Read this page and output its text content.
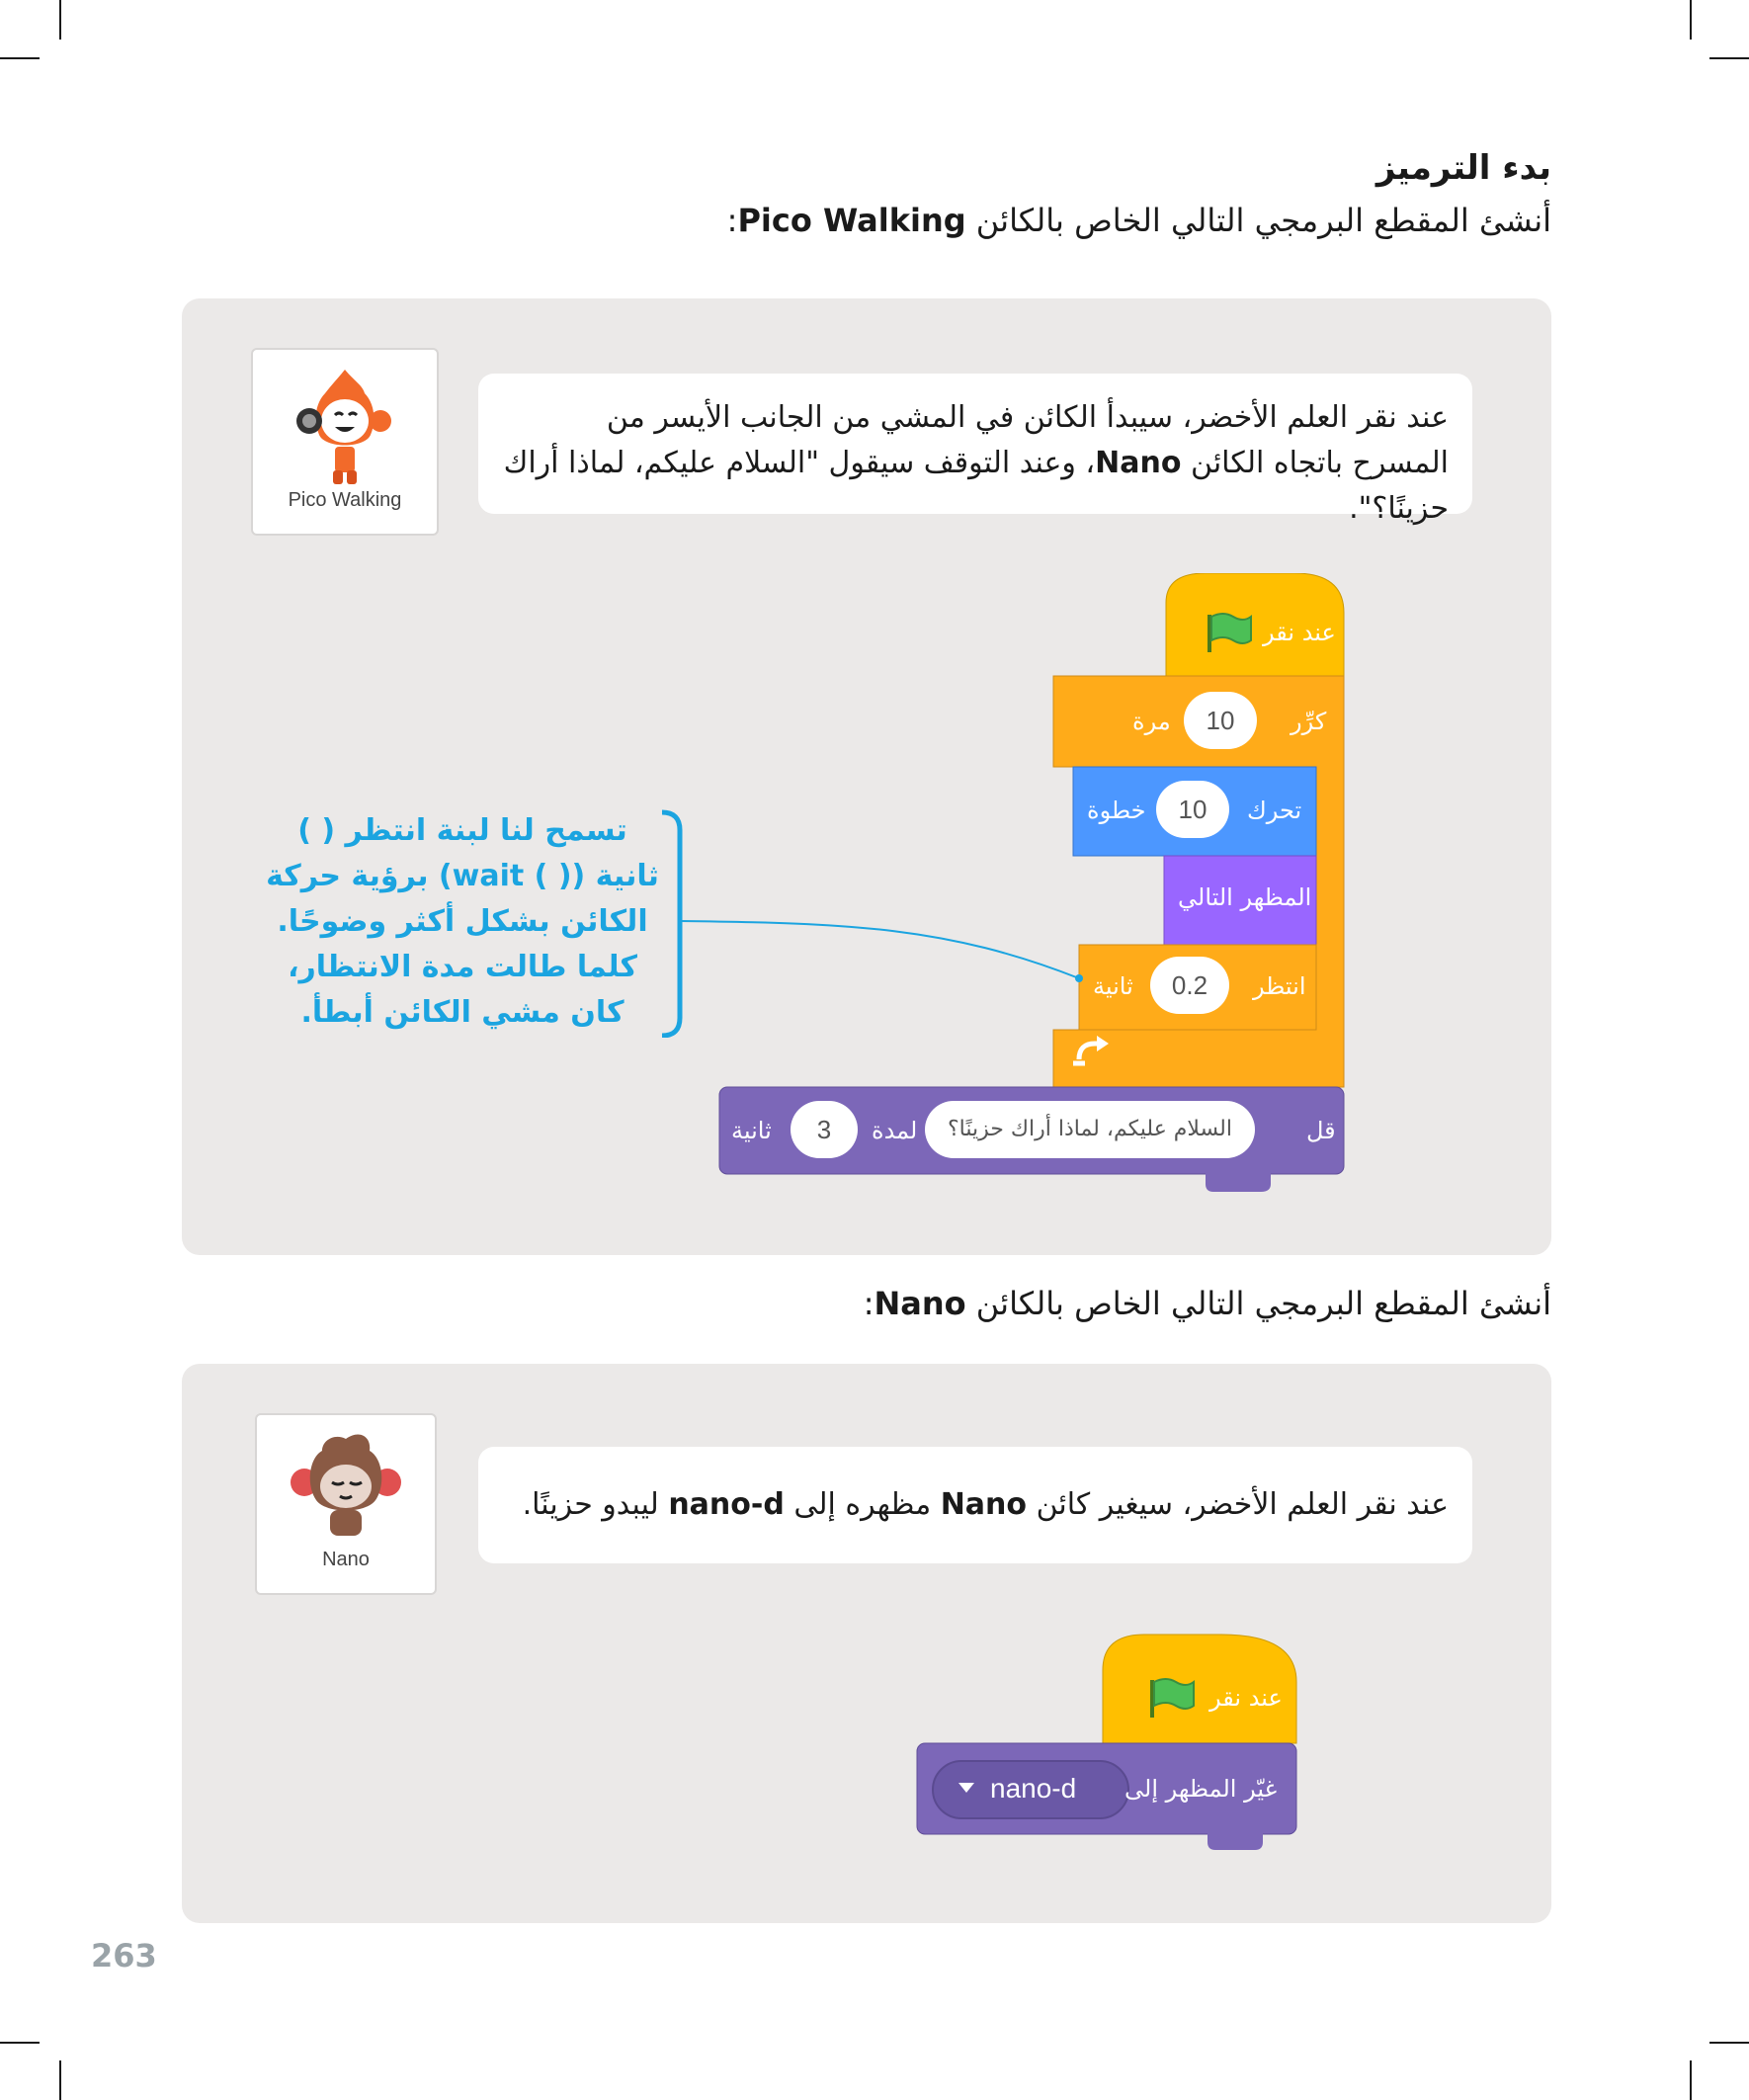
بدء الترميز
أنشئ المقطع البرمجي التالي الخاص بالكائن Pico Walking:
Pico Walking
عند نقر العلم الأخضر، سيبدأ الكائن في المشي من الجانب الأيسر من المسرح باتجاه الكائن Nano، وعند التوقف سيقول "السلام عليكم، لماذا أراك حزينًا؟".
عند نقر
كرِّر
10
مرة
تحرك
10
خطوة
المظهر التالي
انتظر
0.2
ثانية
قل
السلام عليكم، لماذا أراك حزينًا؟
لمدة
3
ثانية
تسمح لنا لبنة انتظر ( )
ثانية (( ) wait) برؤية حركة
الكائن بشكل أكثر وضوحًا.
كلما طالت مدة الانتظار،
كان مشي الكائن أبطأ.
أنشئ المقطع البرمجي التالي الخاص بالكائن Nano:
Nano
عند نقر العلم الأخضر، سيغير كائن Nano مظهره إلى nano-d ليبدو حزينًا.
عند نقر
غيّر المظهر إلى
nano-d
263
